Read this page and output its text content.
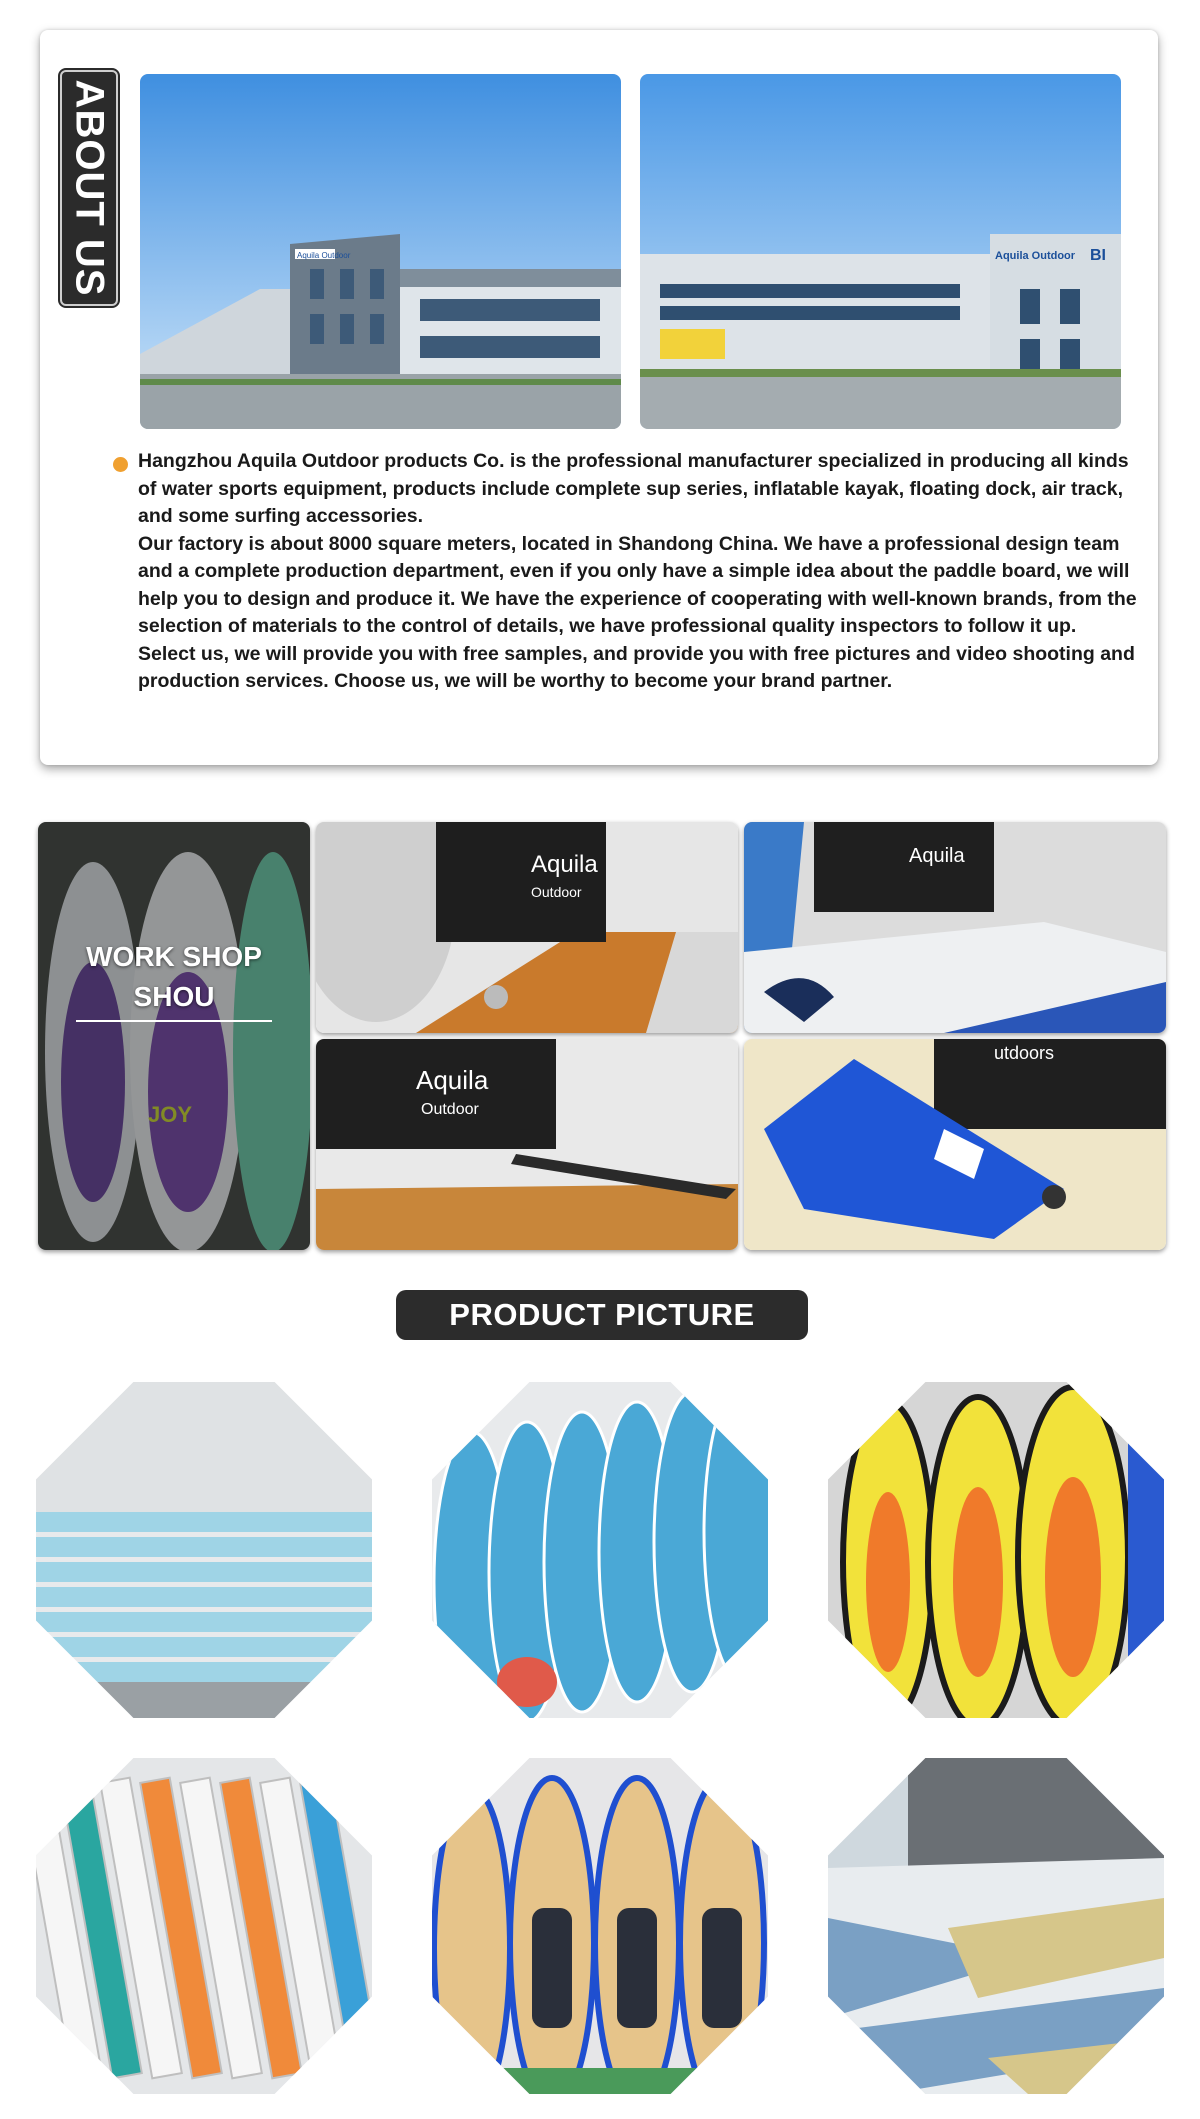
ABOUT US	Aquila Outdoor	Aquila Outdoor BI

Hangzhou Aquila Outdoor products Co. is the professional manufacturer specialized in producing all kinds of water sports equipment, products include complete sup series, inflatable kayak, floating dock, air track, and some surfing accessories.

Our factory is about 8000 square meters, located in Shandong China. We have a professional design team and a complete production department, even if you only have a simple idea about the paddle board, we will help you to design and produce it. We have the experience of cooperating with well-known brands, from the selection of materials to the control of details, we have professional quality inspectors to follow it up.

Select us, we will provide you with free samples, and provide you with free pictures and video shooting and production services. Choose us, we will be worthy to become your brand partner.

WORK SHOP
SHOU
Aquila
Outdoor
Aquila
Aquila
Outdoor
utdoors
PRODUCT PICTURE
